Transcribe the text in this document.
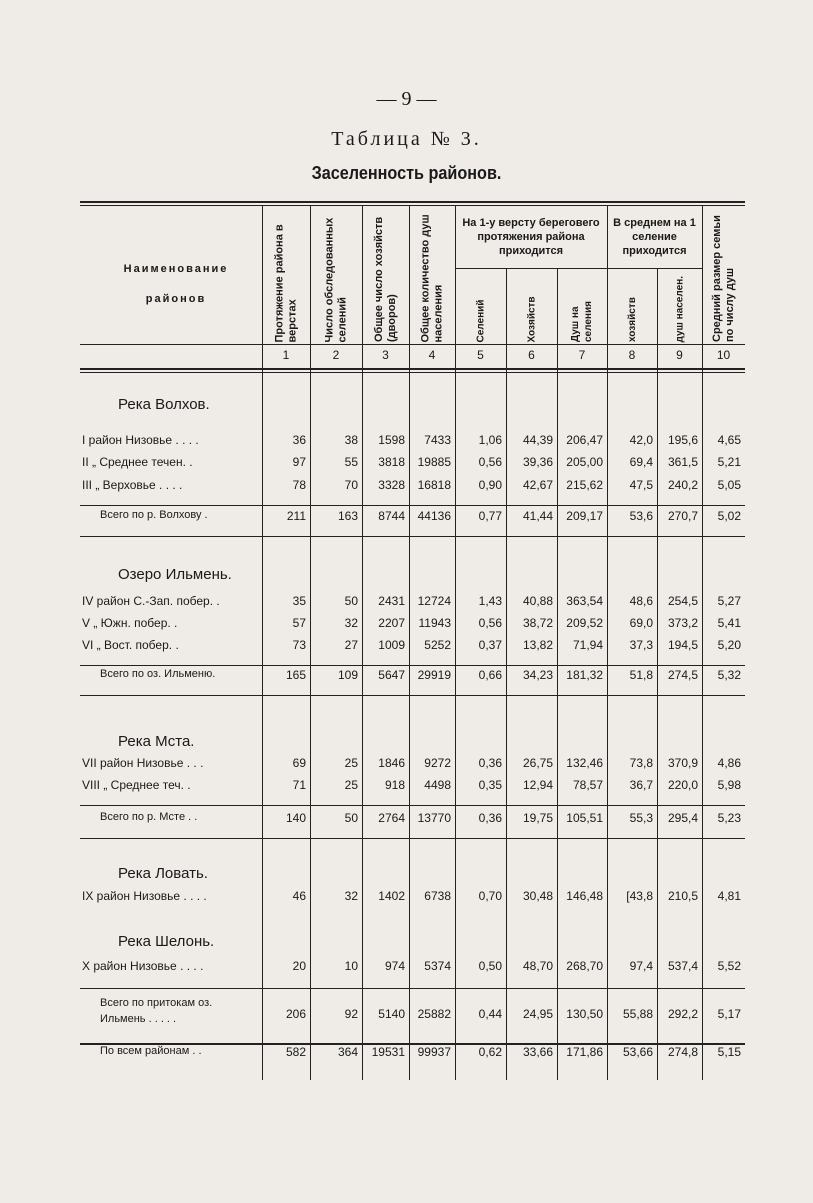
— 9 —
Таблица № 3.
Заселенность районов.
Наименование
районов
На 1-у версту береговего протяжения района приходится
В среднем на 1 селение приходится
Протяжение района в верстах	Число обследованных селений	Общее число хозяйств (дворов)	Общее количество душ населения	Селений	Хозяйств	Душ на селения	хозяйств	душ населен.	Средний размер семьи по числу душ
1	2	3	4	5	6	7	8	9	10
Река Волхов.
I район Низовье . . . .	36	38	1598	7433	1,06	44,39	206,47	42,0	195,6	4,65
II „ Среднее течен. .	97	55	3818	19885	0,56	39,36	205,00	69,4	361,5	5,21
III „ Верховье . . . .	78	70	3328	16818	0,90	42,67	215,62	47,5	240,2	5,05
Всего по р. Волхову .	211	163	8744	44136	0,77	41,44	209,17	53,6	270,7	5,02
Озеро Ильмень.
IV район С.-Зап. побер. .	35	50	2431	12724	1,43	40,88	363,54	48,6	254,5	5,27
V „ Южн. побер. .	57	32	2207	11943	0,56	38,72	209,52	69,0	373,2	5,41
VI „ Вост. побер. .	73	27	1009	5252	0,37	13,82	71,94	37,3	194,5	5,20
Всего по оз. Ильменю.	165	109	5647	29919	0,66	34,23	181,32	51,8	274,5	5,32
Река Мста.
VII район Низовье . . .	69	25	1846	9272	0,36	26,75	132,46	73,8	370,9	4,86
VIII „ Среднее теч. .	71	25	918	4498	0,35	12,94	78,57	36,7	220,0	5,98
Всего по р. Мсте . .	140	50	2764	13770	0,36	19,75	105,51	55,3	295,4	5,23
Река Ловать.
IX район Низовье . . . .	46	32	1402	6738	0,70	30,48	146,48	[43,8	210,5	4,81
Река Шелонь.
X район Низовье . . . .	20	10	974	5374	0,50	48,70	268,70	97,4	537,4	5,52
Всего по притокам оз.
Ильмень . . . . .	206	92	5140	25882	0,44	24,95	130,50	55,88	292,2	5,17
По всем районам . .	582	364	19531	99937	0,62	33,66	171,86	53,66	274,8	5,15
